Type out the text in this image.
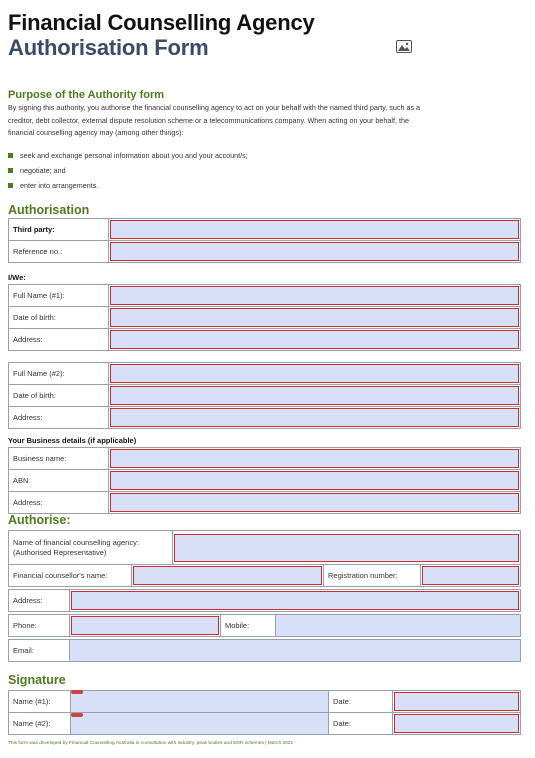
Financial Counselling Agency
Authorisation Form
Purpose of the Authority form

By signing this authority, you authorise the financial counselling agency to act on your behalf with the named third party, such as a creditor, debt collector, external dispute resolution scheme or a telecommunications company. When acting on your behalf, the financial counselling agency may (among other things):

seek and exchange personal information about you and your account/s;
negotiate; and
enter into arrangements.
Authorisation
Third party:	

Reference no.:	
I/We:
Full Name (#1):	

Date of birth:	

Address:	
Full Name (#2):	

Date of birth:	

Address:	
Your Business details (if applicable)
Business name:	

ABN	

Address:	
Authorise:
Name of financial counselling agency: (Authorised Representative)	
Financial counsellor's name:		Registration number:	
Address:	
Phone:		Mobile:	
Email:	
Signature
Name (#1):		Date:	

Name (#2):		Date:	
This form was developed by Financial Counselling Australia in consultation with industry, peak bodies and EDR schemes | March 2021
